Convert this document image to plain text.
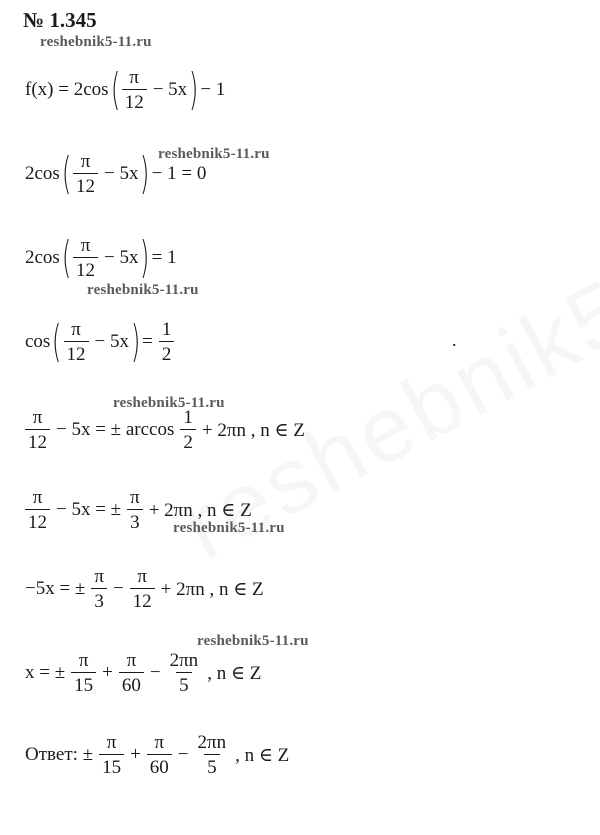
№ 1.345
reshebnik5-11.ru
reshebnik5-11.ru
reshebnik5-11.ru
reshebnik5-11.ru
reshebnik5-11.ru
reshebnik5-11.ru
.
f(x) = 2cos ( $\frac{\pi}{12} - 5x$ ) − 1
2cos ( $\frac{\pi}{12} - 5x$ ) − 1 = 0
2cos ( $\frac{\pi}{12} - 5x$ ) = 1
cos ( $\frac{\pi}{12} - 5x$ ) = $\frac{1}{2}$
$\frac{\pi}{12} - 5x$ = ± $\arccos \frac{1}{2} + 2\pi n$ , n ∈ Z
$\frac{\pi}{12} - 5x$ = ± $\frac{\pi}{3} + 2\pi n$ , n ∈ Z
−5x = ± $\frac{\pi}{3} - \frac{\pi}{12} + 2\pi n$ , n ∈ Z
x = ± $\frac{\pi}{15} + \frac{\pi}{60} - \frac{2\pi n}{5}$ , n ∈ Z
Ответ: ± $\frac{\pi}{15} + \frac{\pi}{60} - \frac{2\pi n}{5}$ , n ∈ Z
